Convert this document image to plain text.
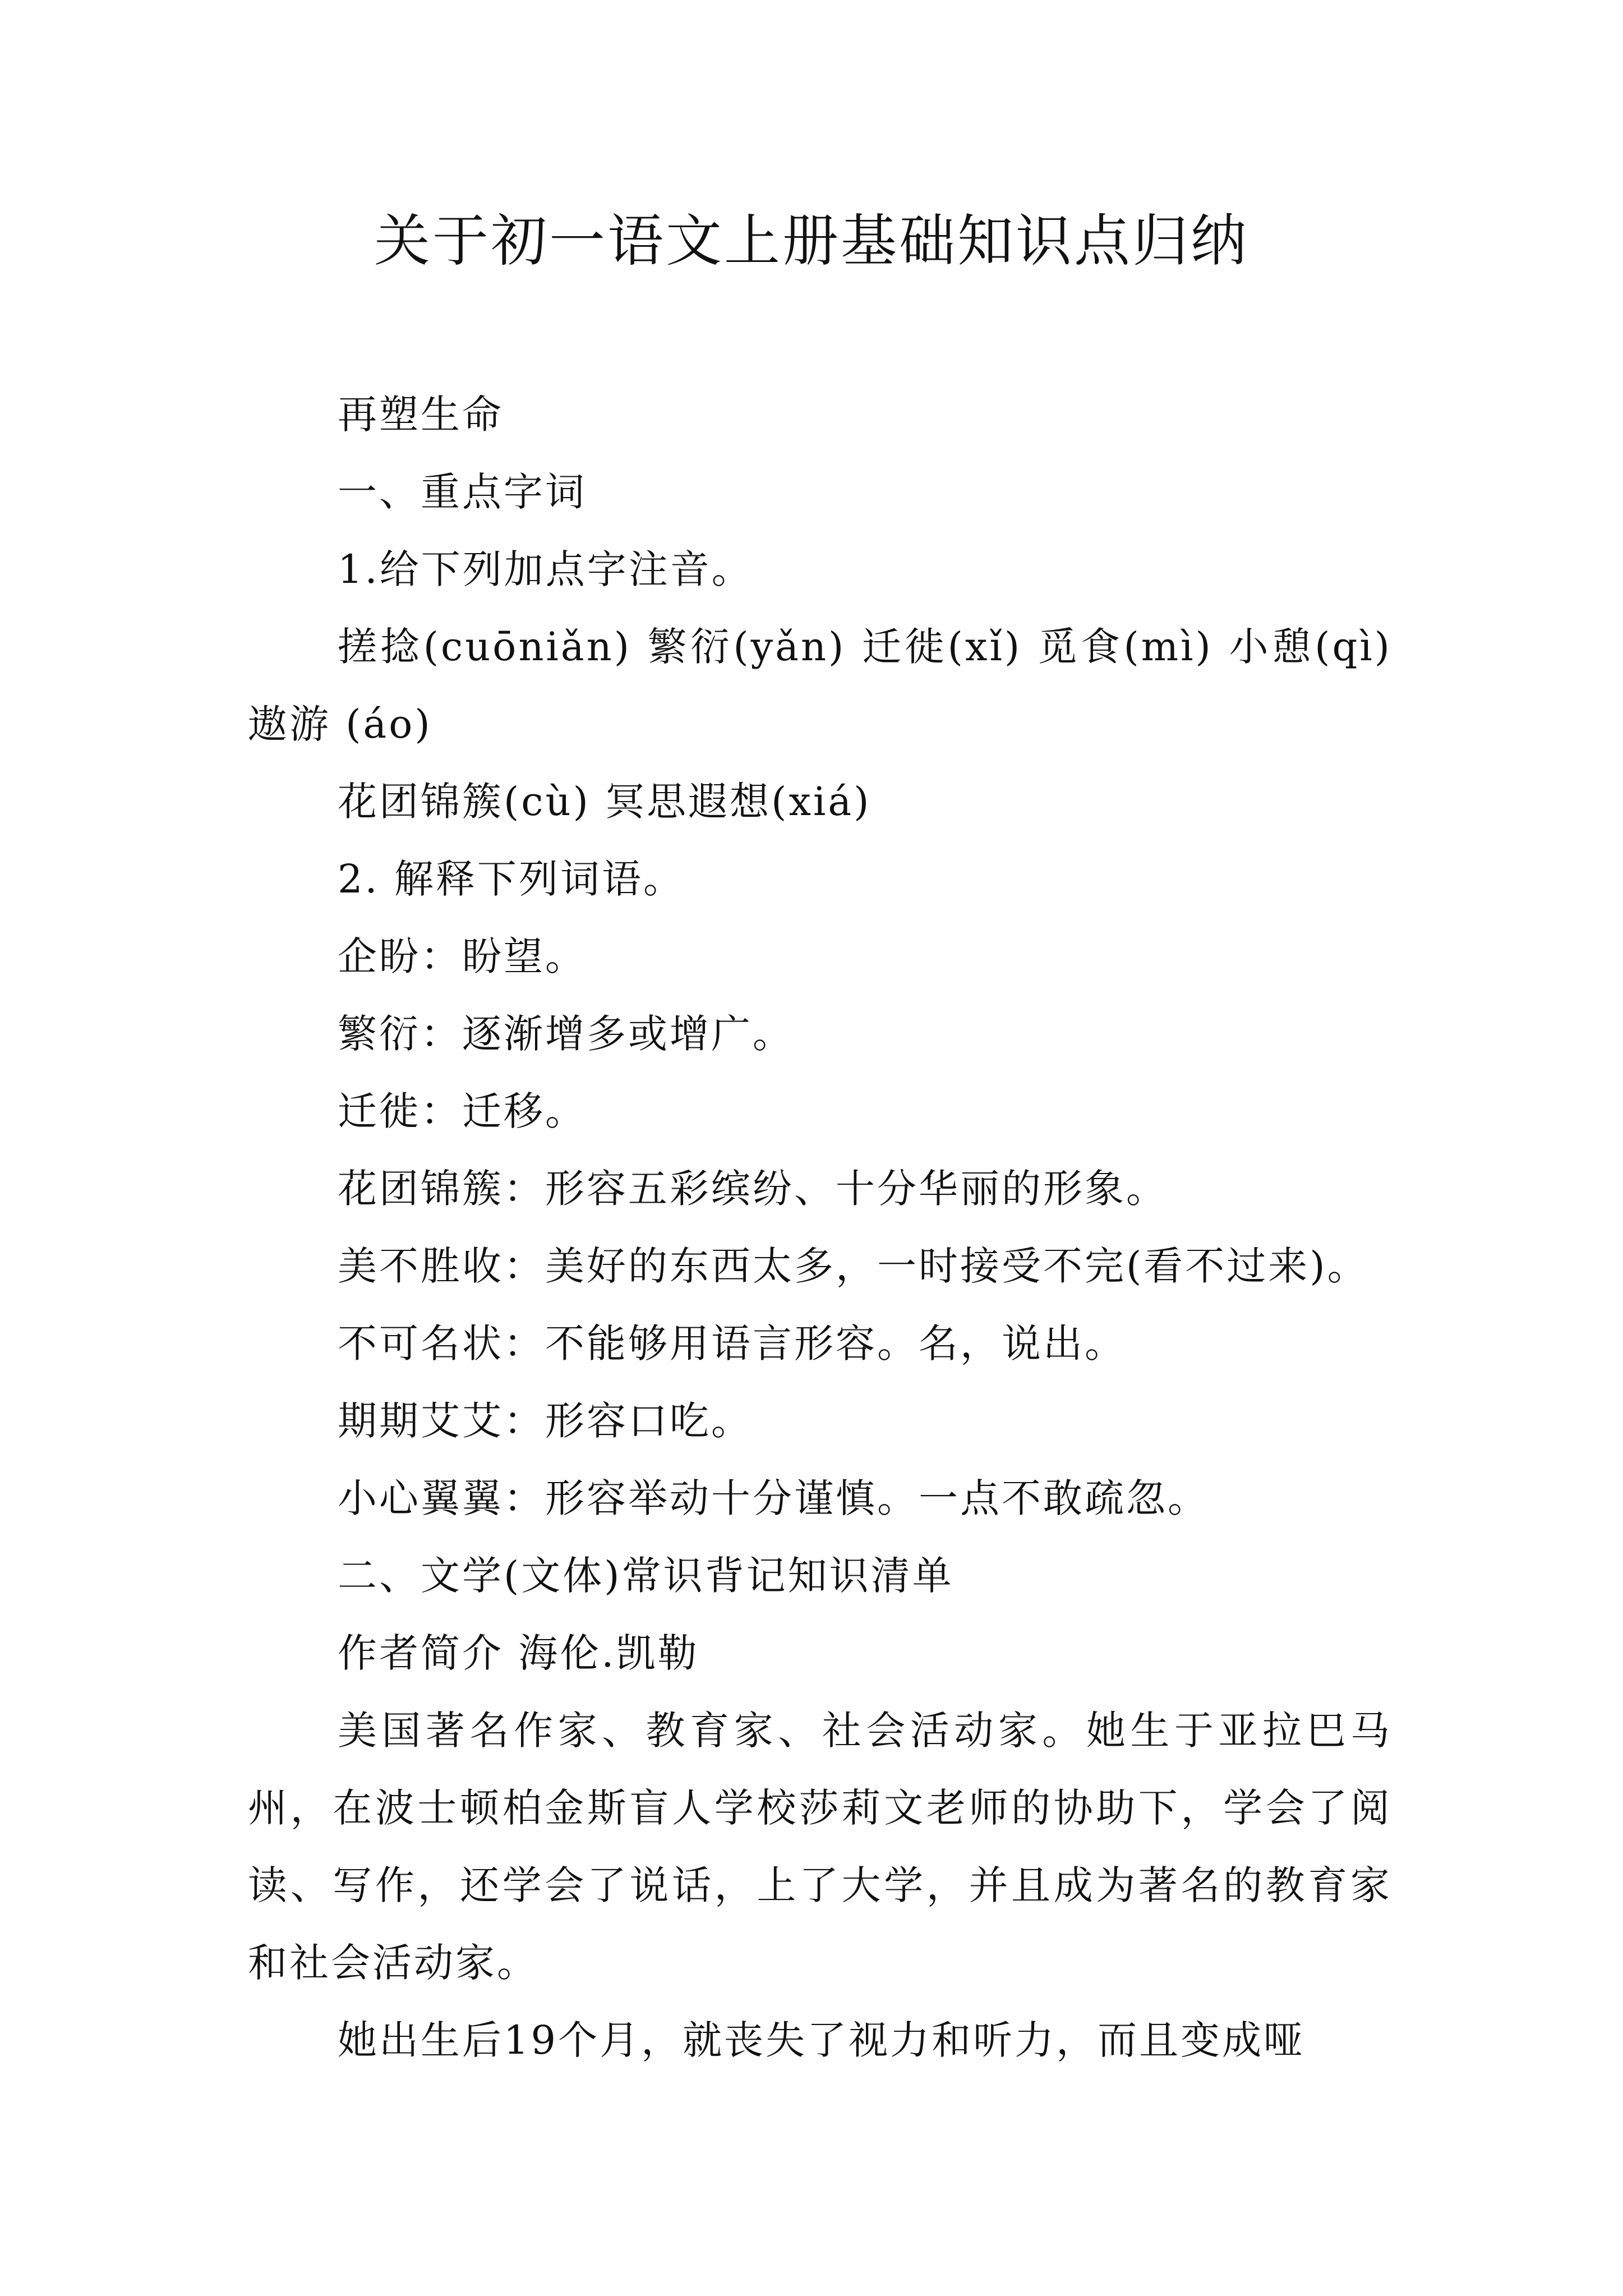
关于初一语文上册基础知识点归纳
再塑生命
一、重点字词
1.给下列加点字注音。
搓捻(cuōniǎn) 繁衍(yǎn) 迁徙(xǐ) 觅食(mì) 小憩(qì) 遨游 (áo)
花团锦簇(cù) 冥思遐想(xiá)
2. 解释下列词语。
企盼：盼望。
繁衍：逐渐增多或增广。
迁徙：迁移。
花团锦簇：形容五彩缤纷、十分华丽的形象。
美不胜收：美好的东西太多，一时接受不完(看不过来)。
不可名状：不能够用语言形容。名，说出。
期期艾艾：形容口吃。
小心翼翼：形容举动十分谨慎。一点不敢疏忽。
二、文学(文体)常识背记知识清单
作者简介 海伦.凯勒
美国著名作家、教育家、社会活动家。她生于亚拉巴马州，在波士顿柏金斯盲人学校莎莉文老师的协助下，学会了阅读、写作，还学会了说话，上了大学，并且成为著名的教育家和社会活动家。
她出生后19个月，就丧失了视力和听力，而且变成哑
